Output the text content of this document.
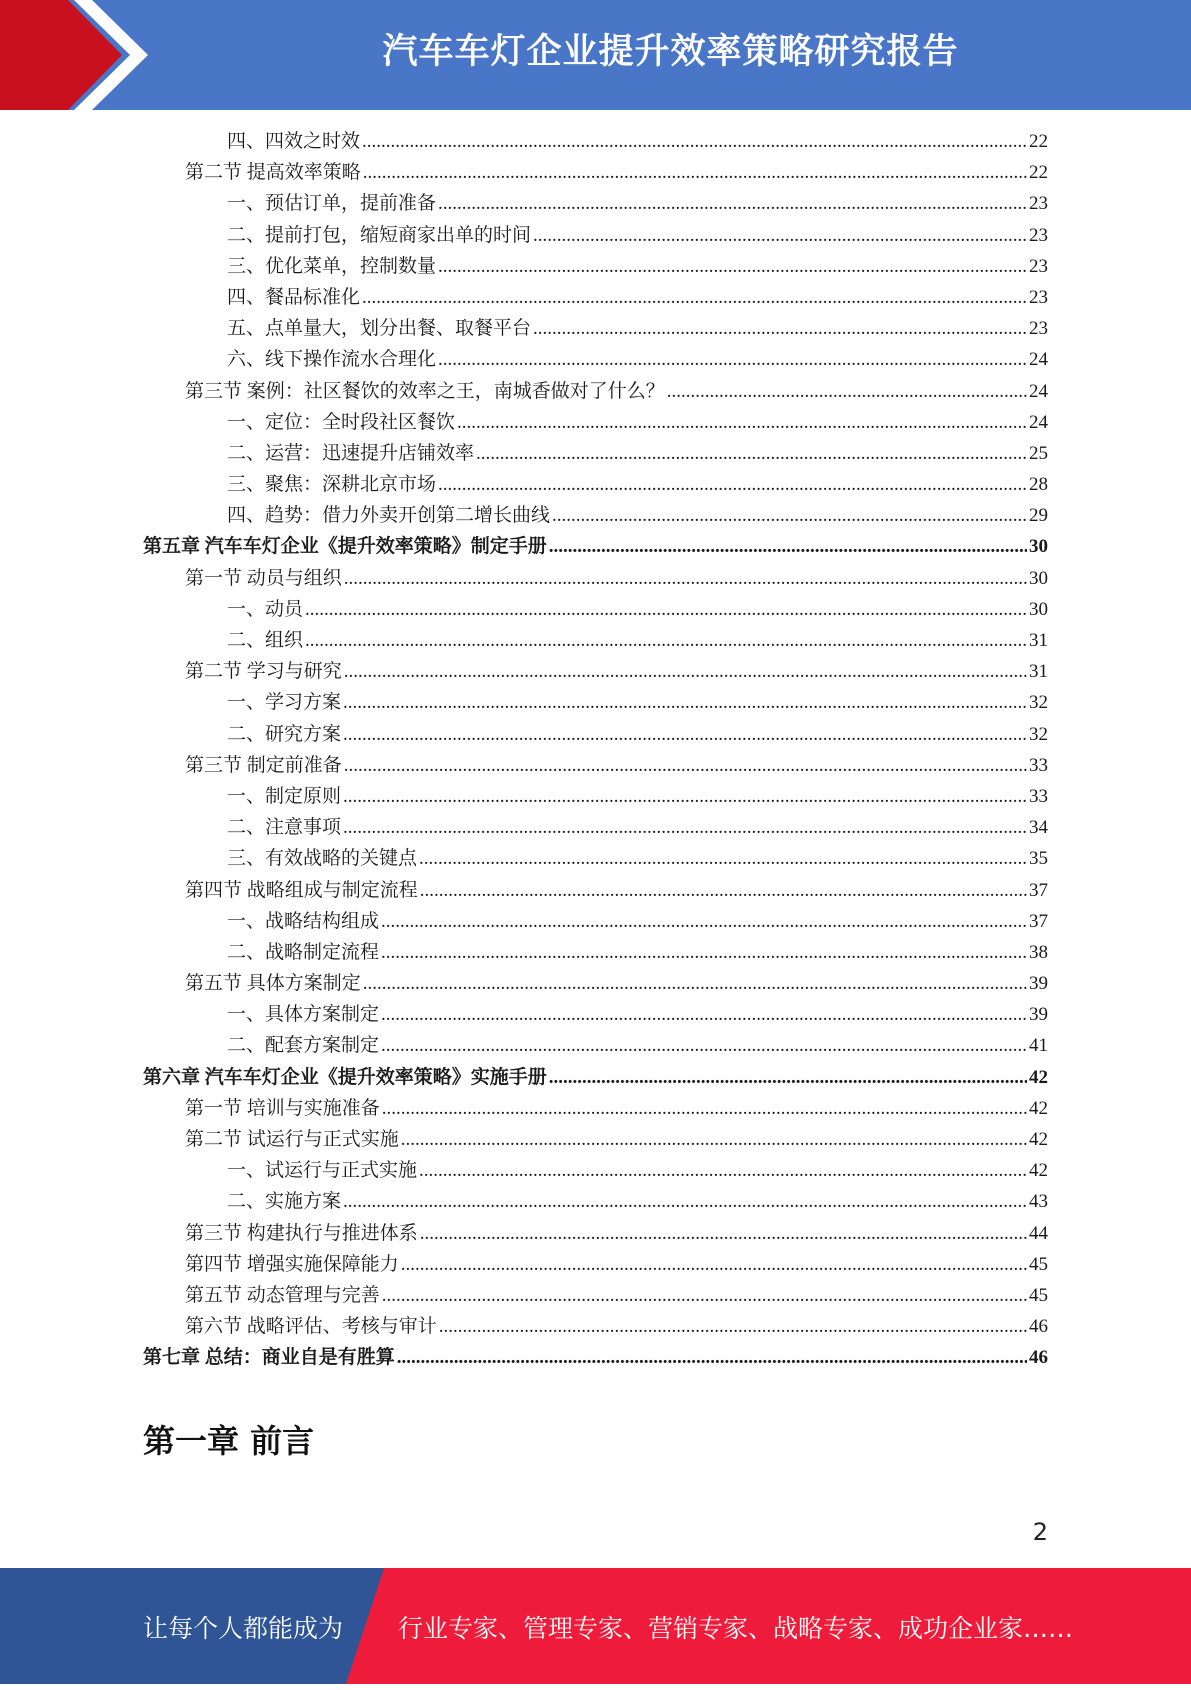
汽车车灯企业提升效率策略研究报告
四、四效之时效 .....	22
第二节 提高效率策略 .....	22
一、预估订单，提前准备 .....	23
二、提前打包，缩短商家出单的时间 .....	23
三、优化菜单，控制数量 .....	23
四、餐品标准化 .....	23
五、点单量大，划分出餐、取餐平台 .....	23
六、线下操作流水合理化 .....	24
第三节 案例：社区餐饮的效率之王，南城香做对了什么？ .....	24
一、定位：全时段社区餐饮 .....	24
二、运营：迅速提升店铺效率 .....	25
三、聚焦：深耕北京市场 .....	28
四、趋势：借力外卖开创第二增长曲线 .....	29
第五章 汽车车灯企业《提升效率策略》制定手册 .....	30
第一节 动员与组织 .....	30
一、动员 .....	30
二、组织 .....	31
第二节 学习与研究 .....	31
一、学习方案 .....	32
二、研究方案 .....	32
第三节 制定前准备 .....	33
一、制定原则 .....	33
二、注意事项 .....	34
三、有效战略的关键点 .....	35
第四节 战略组成与制定流程 .....	37
一、战略结构组成 .....	37
二、战略制定流程 .....	38
第五节 具体方案制定 .....	39
一、具体方案制定 .....	39
二、配套方案制定 .....	41
第六章 汽车车灯企业《提升效率策略》实施手册 .....	42
第一节 培训与实施准备 .....	42
第二节 试运行与正式实施 .....	42
一、试运行与正式实施 .....	42
二、实施方案 .....	43
第三节 构建执行与推进体系 .....	44
第四节 增强实施保障能力 .....	45
第五节 动态管理与完善 .....	45
第六节 战略评估、考核与审计 .....	46
第七章 总结：商业自是有胜算 .....	46
第一章 前言
2
让每个人都能成为 行业专家、管理专家、营销专家、战略专家、成功企业家……
